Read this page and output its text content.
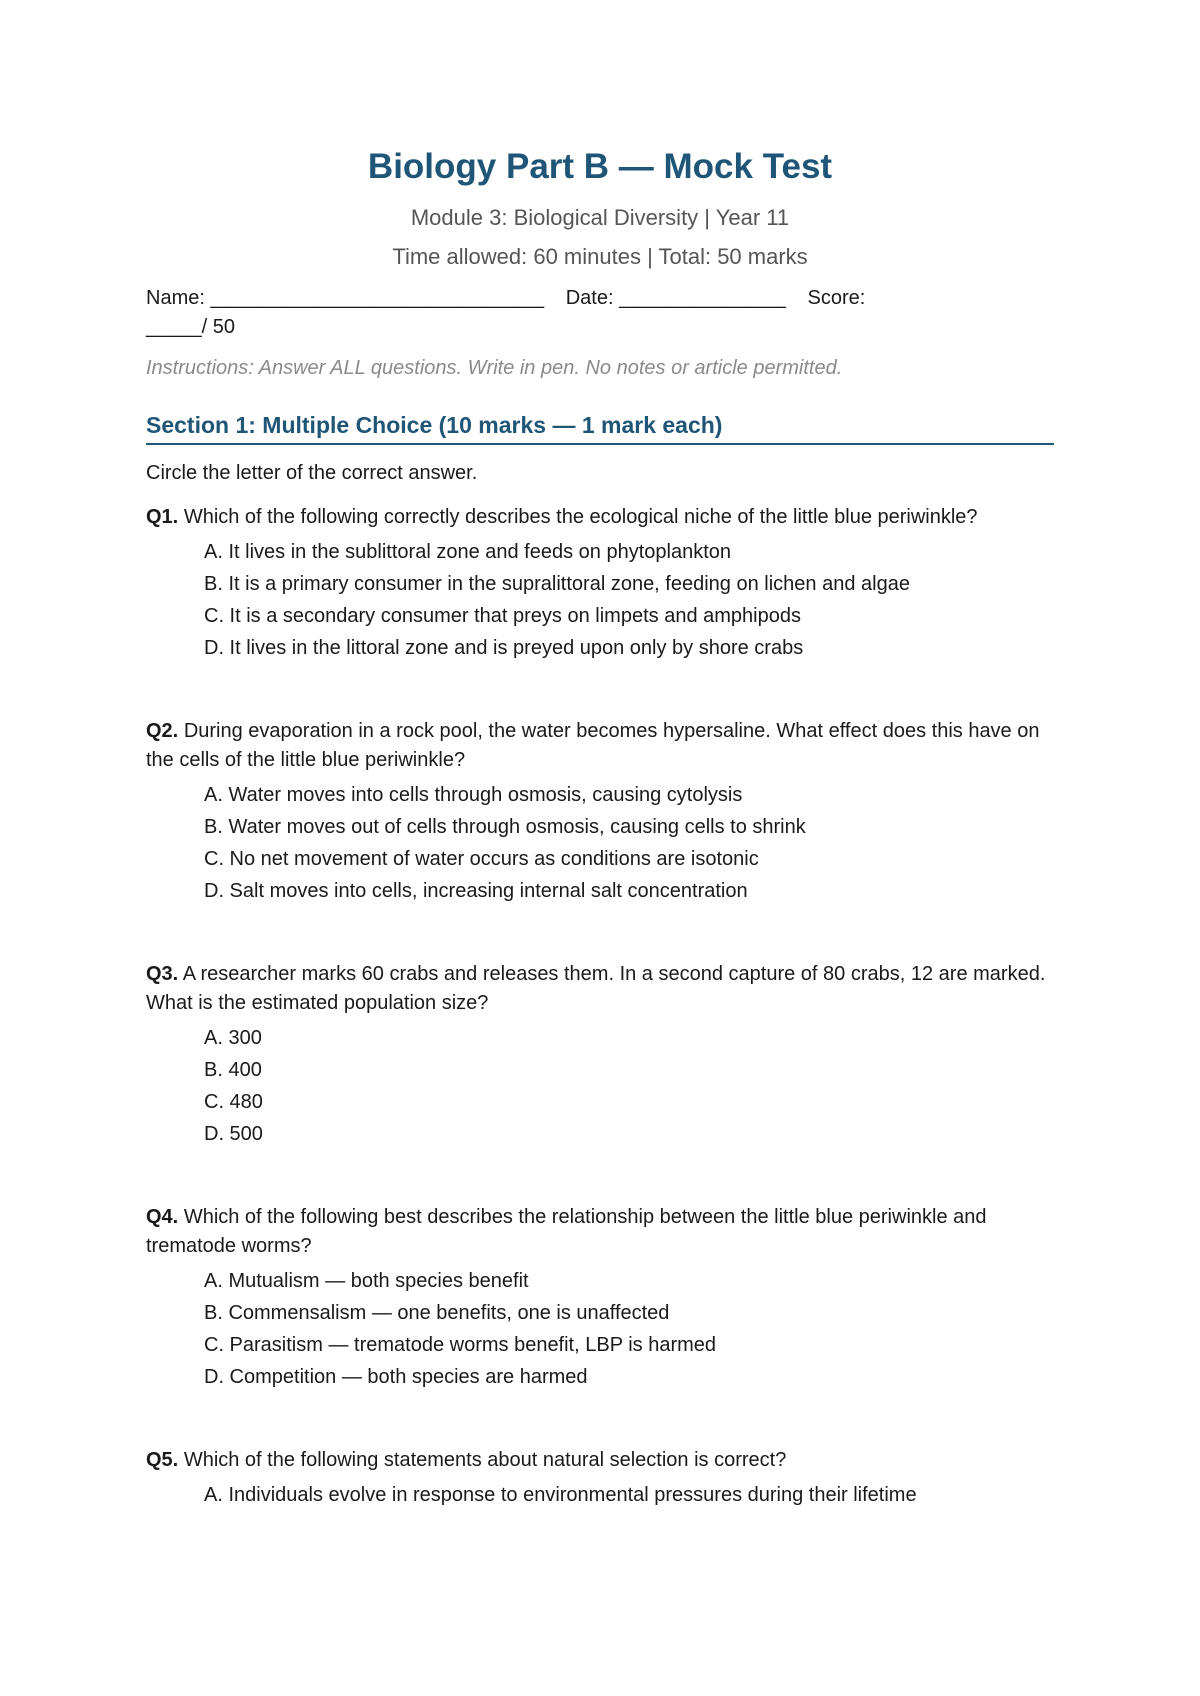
Biology Part B — Mock Test
Module 3: Biological Diversity | Year 11
Time allowed: 60 minutes | Total: 50 marks
Name: ______________________________ Date: _______________ Score:
_____/ 50
Instructions: Answer ALL questions. Write in pen. No notes or article permitted.
Section 1: Multiple Choice (10 marks — 1 mark each)
Circle the letter of the correct answer.

Q1. Which of the following correctly describes the ecological niche of the little blue periwinkle?

A. It lives in the sublittoral zone and feeds on phytoplankton
B. It is a primary consumer in the supralittoral zone, feeding on lichen and algae
C. It is a secondary consumer that preys on limpets and amphipods
D. It lives in the littoral zone and is preyed upon only by shore crabs

Q2. During evaporation in a rock pool, the water becomes hypersaline. What effect does this have on the cells of the little blue periwinkle?

A. Water moves into cells through osmosis, causing cytolysis
B. Water moves out of cells through osmosis, causing cells to shrink
C. No net movement of water occurs as conditions are isotonic
D. Salt moves into cells, increasing internal salt concentration

Q3. A researcher marks 60 crabs and releases them. In a second capture of 80 crabs, 12 are marked. What is the estimated population size?

A. 300
B. 400
C. 480
D. 500

Q4. Which of the following best describes the relationship between the little blue periwinkle and trematode worms?

A. Mutualism — both species benefit
B. Commensalism — one benefits, one is unaffected
C. Parasitism — trematode worms benefit, LBP is harmed
D. Competition — both species are harmed

Q5. Which of the following statements about natural selection is correct?

A. Individuals evolve in response to environmental pressures during their lifetime
